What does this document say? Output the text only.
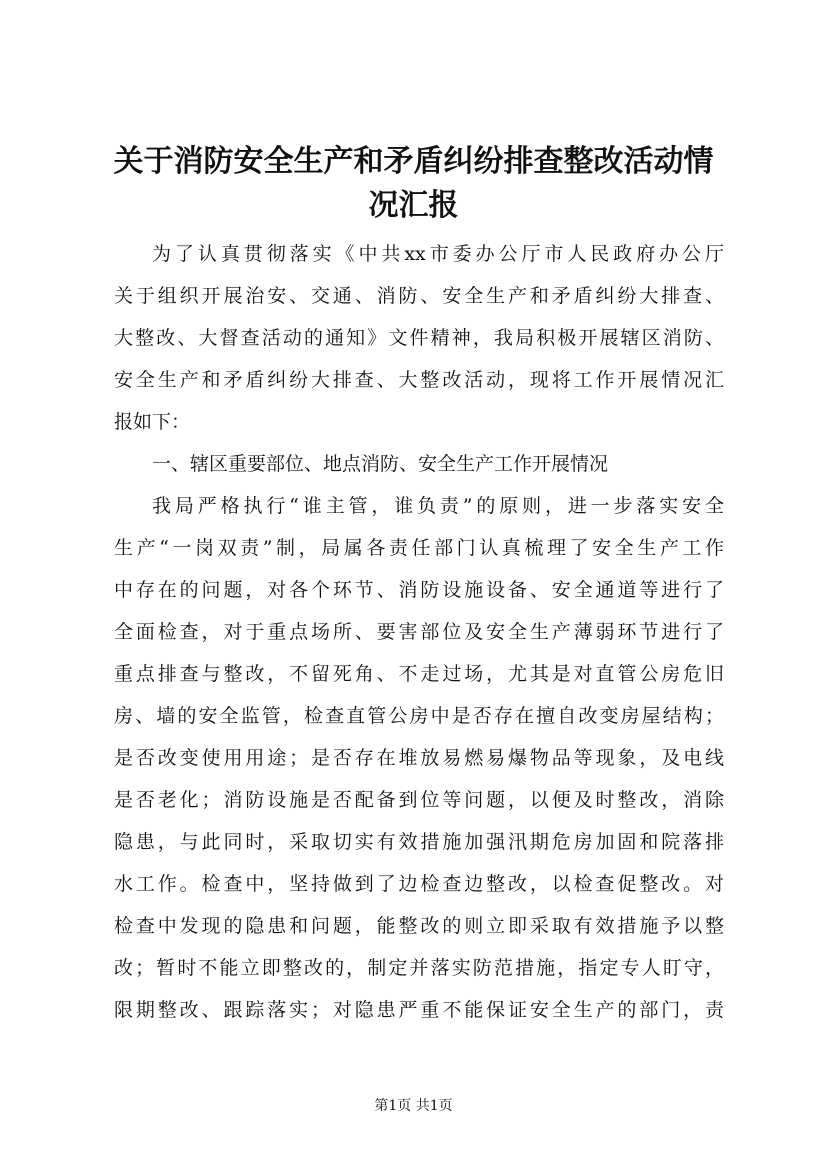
关于消防安全生产和矛盾纠纷排查整改活动情
况汇报
为了认真贯彻落实《中共xx市委办公厅市人民政府办公厅
关于组织开展治安、交通、消防、安全生产和矛盾纠纷大排查、
大整改、大督查活动的通知》文件精神，我局积极开展辖区消防、
安全生产和矛盾纠纷大排查、大整改活动，现将工作开展情况汇
报如下：
一、辖区重要部位、地点消防、安全生产工作开展情况
我局严格执行“谁主管，谁负责”的原则，进一步落实安全
生产“一岗双责”制，局属各责任部门认真梳理了安全生产工作
中存在的问题，对各个环节、消防设施设备、安全通道等进行了
全面检查，对于重点场所、要害部位及安全生产薄弱环节进行了
重点排查与整改，不留死角、不走过场，尤其是对直管公房危旧
房、墙的安全监管，检查直管公房中是否存在擅自改变房屋结构；
是否改变使用用途；是否存在堆放易燃易爆物品等现象，及电线
是否老化；消防设施是否配备到位等问题，以便及时整改，消除
隐患，与此同时，采取切实有效措施加强汛期危房加固和院落排
水工作。检查中，坚持做到了边检查边整改，以检查促整改。对
检查中发现的隐患和问题，能整改的则立即采取有效措施予以整
改；暂时不能立即整改的，制定并落实防范措施，指定专人盯守，
限期整改、跟踪落实；对隐患严重不能保证安全生产的部门，责
第1页 共1页
